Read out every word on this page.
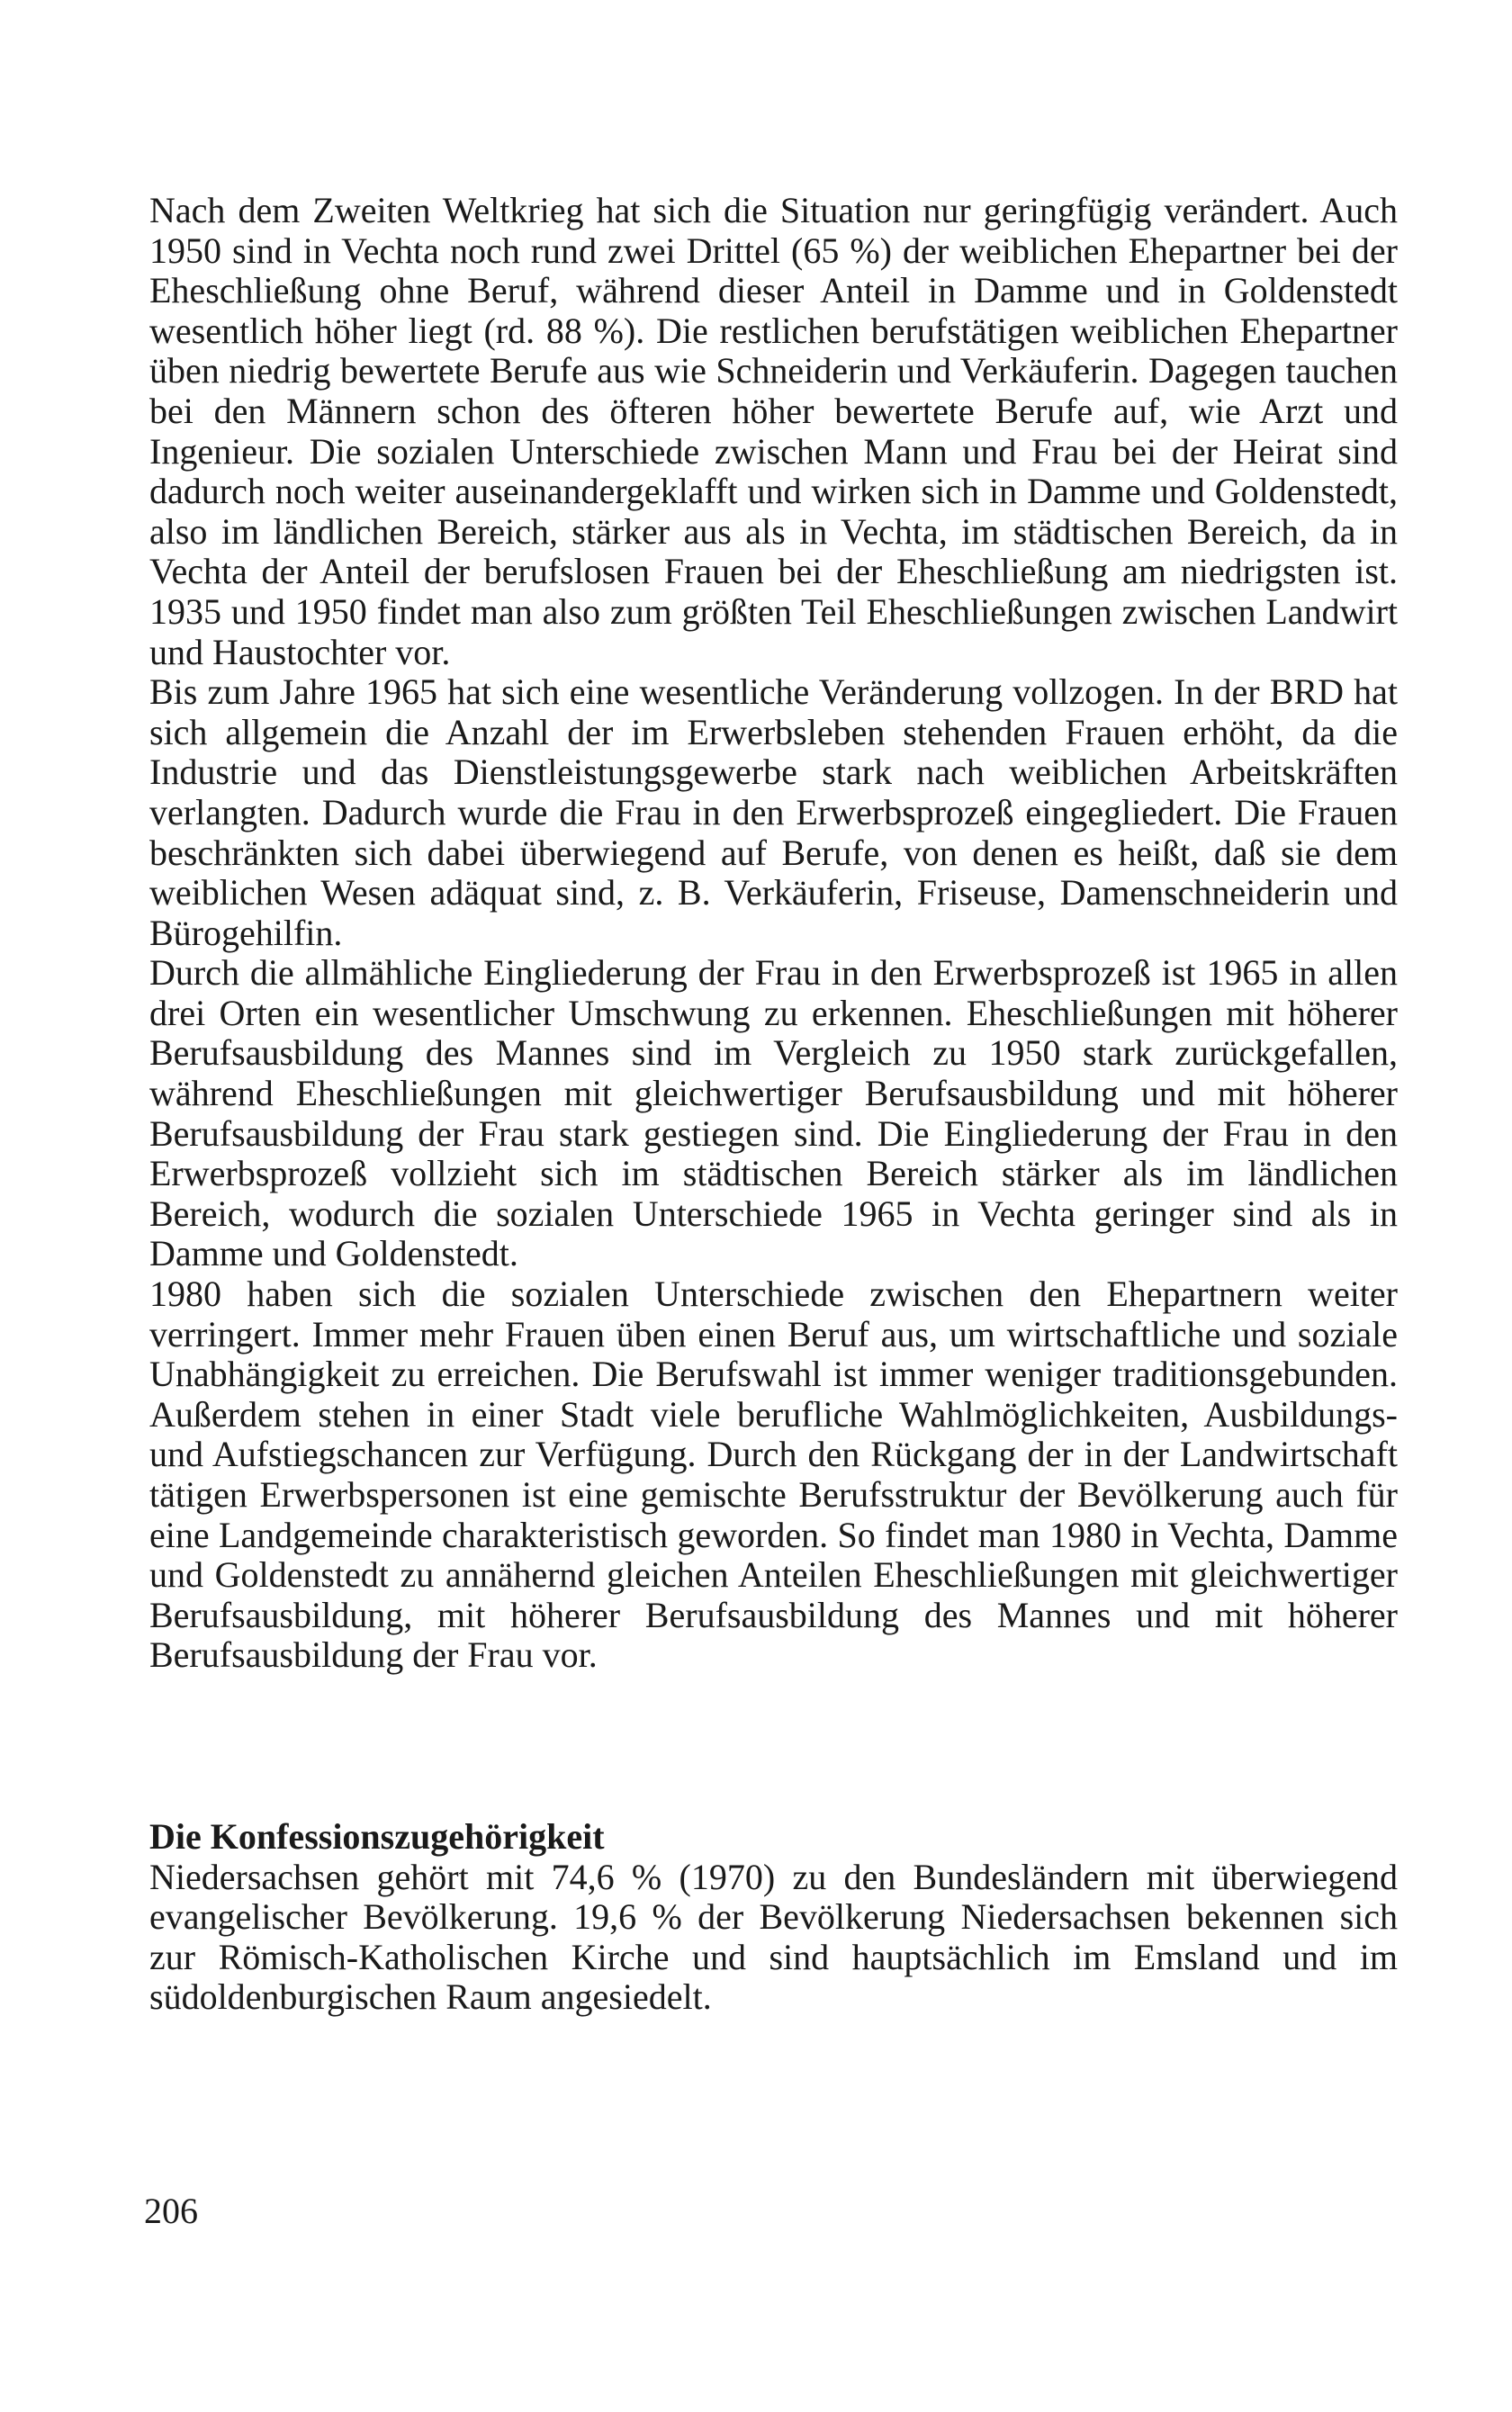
Nach dem Zweiten Weltkrieg hat sich die Situation nur geringfügig verändert. Auch 1950 sind in Vechta noch rund zwei Drittel (65 %) der weiblichen Ehepartner bei der Eheschließung ohne Beruf, während dieser Anteil in Damme und in Goldenstedt wesentlich höher liegt (rd. 88 %). Die restlichen berufstätigen weiblichen Ehepartner üben niedrig bewertete Berufe aus wie Schneiderin und Verkäuferin. Dagegen tauchen bei den Männern schon des öfteren höher bewertete Berufe auf, wie Arzt und Ingenieur. Die sozialen Unterschiede zwischen Mann und Frau bei der Heirat sind dadurch noch weiter auseinandergeklafft und wirken sich in Damme und Goldenstedt, also im ländlichen Bereich, stärker aus als in Vechta, im städtischen Bereich, da in Vechta der Anteil der berufslosen Frauen bei der Eheschließung am niedrigsten ist. 1935 und 1950 findet man also zum größten Teil Eheschließungen zwischen Landwirt und Haustochter vor.

Bis zum Jahre 1965 hat sich eine wesentliche Veränderung vollzogen. In der BRD hat sich allgemein die Anzahl der im Erwerbsleben stehenden Frauen erhöht, da die Industrie und das Dienstleistungsgewerbe stark nach weiblichen Arbeitskräften verlangten. Dadurch wurde die Frau in den Erwerbsprozeß eingegliedert. Die Frauen beschränkten sich dabei überwiegend auf Berufe, von denen es heißt, daß sie dem weiblichen Wesen adäquat sind, z. B. Verkäuferin, Friseuse, Damenschneiderin und Bürogehilfin.

Durch die allmähliche Eingliederung der Frau in den Erwerbsprozeß ist 1965 in allen drei Orten ein wesentlicher Umschwung zu erkennen. Eheschließungen mit höherer Berufsausbildung des Mannes sind im Vergleich zu 1950 stark zurückgefallen, während Eheschließungen mit gleichwertiger Berufsausbildung und mit höherer Berufsausbildung der Frau stark gestiegen sind. Die Eingliederung der Frau in den Erwerbsprozeß vollzieht sich im städtischen Bereich stärker als im ländlichen Bereich, wodurch die sozialen Unterschiede 1965 in Vechta geringer sind als in Damme und Goldenstedt.

1980 haben sich die sozialen Unterschiede zwischen den Ehepartnern weiter verringert. Immer mehr Frauen üben einen Beruf aus, um wirtschaftliche und soziale Unabhängigkeit zu erreichen. Die Berufswahl ist immer weniger traditionsgebunden. Außerdem stehen in einer Stadt viele berufliche Wahlmöglichkeiten, Ausbildungs- und Aufstiegschancen zur Verfügung. Durch den Rückgang der in der Landwirtschaft tätigen Erwerbspersonen ist eine gemischte Berufsstruktur der Bevölkerung auch für eine Landgemeinde charakteristisch geworden. So findet man 1980 in Vechta, Damme und Goldenstedt zu annähernd gleichen Anteilen Eheschließungen mit gleichwertiger Berufsausbildung, mit höherer Berufsausbildung des Mannes und mit höherer Berufsausbildung der Frau vor.

Die Konfessionszugehörigkeit

Niedersachsen gehört mit 74,6 % (1970) zu den Bundesländern mit überwiegend evangelischer Bevölkerung. 19,6 % der Bevölkerung Niedersachsen bekennen sich zur Römisch-Katholischen Kirche und sind hauptsächlich im Emsland und im südoldenburgischen Raum angesiedelt.

206
